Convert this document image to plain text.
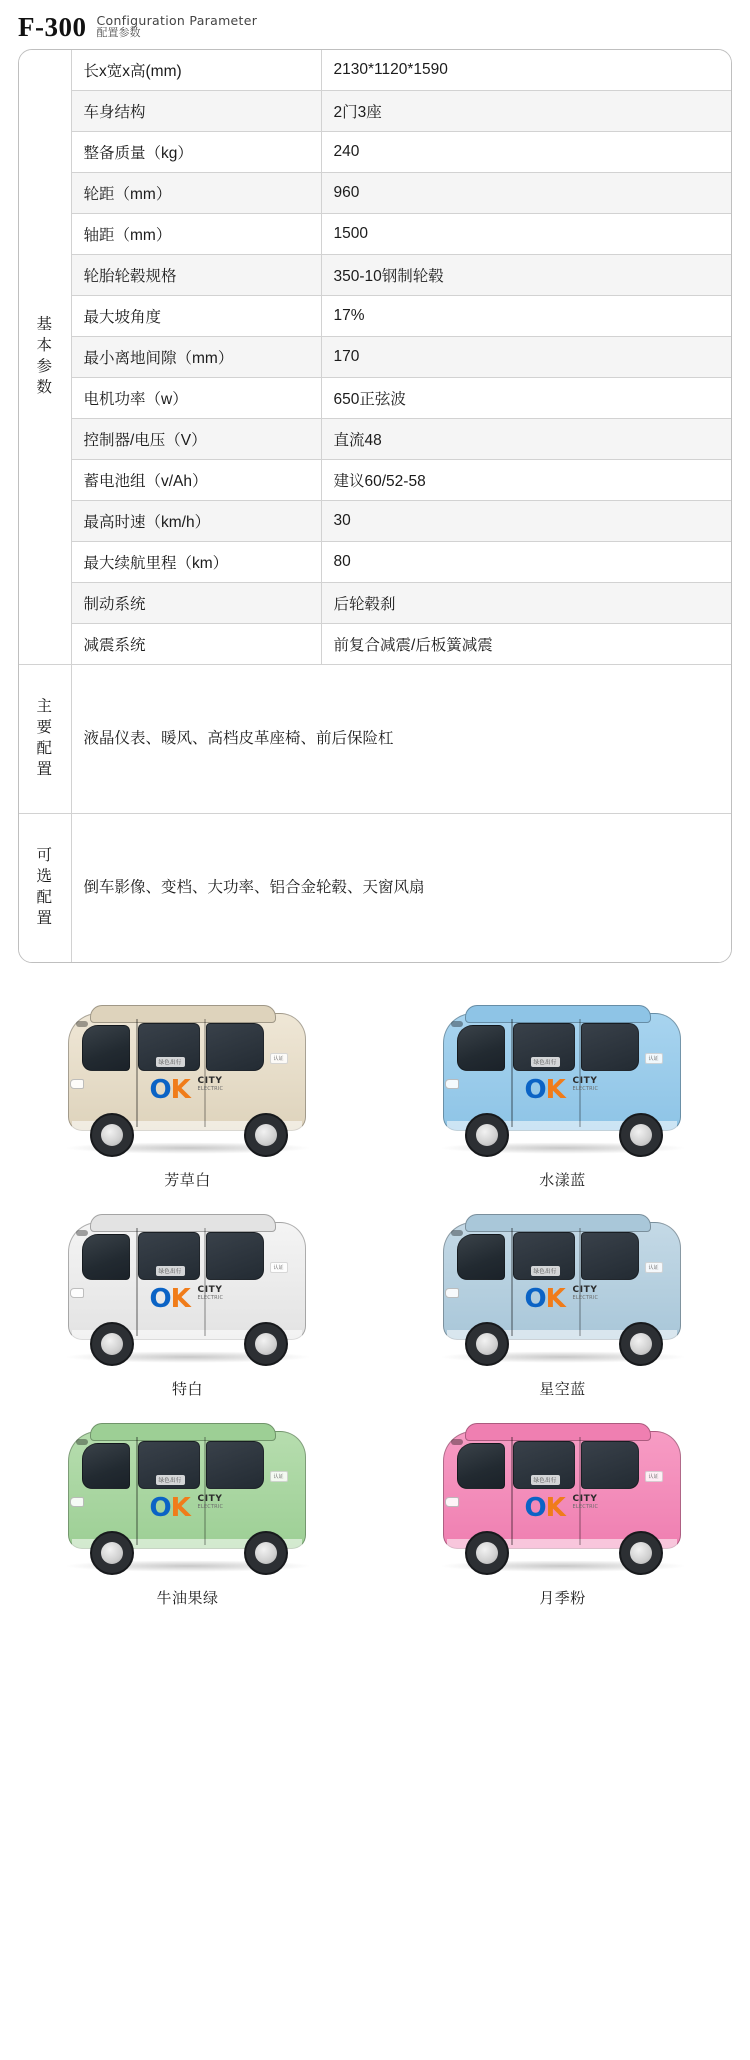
F-300 Configuration Parameter
配置参数
基本参数	长x宽x高(mm)	2130*1120*1590
	车身结构	2门3座
	整备质量（kg）	240
	轮距（mm）	960
	轴距（mm）	1500
	轮胎轮毂规格	350-10钢制轮毂
	最大坡角度	17%
	最小离地间隙（mm）	170
	电机功率（w）	650正弦波
	控制器/电压（V）	直流48
	蓄电池组（v/Ah）	建议60/52-58
	最高时速（km/h）	30
	最大续航里程（km）	80
	制动系统	后轮毂刹
	减震系统	前复合减震/后板簧减震
主要配置	液晶仪表、暖风、高档皮革座椅、前后保险杠	

可选配置	倒车影像、变档、大功率、铝合金轮毂、天窗风扇	
绿色出行
认证
OK CITY
ELECTRIC
芳草白
绿色出行
认证
OK CITY
ELECTRIC
水漾蓝
绿色出行
认证
OK CITY
ELECTRIC
特白
绿色出行
认证
OK CITY
ELECTRIC
星空蓝
绿色出行
认证
OK CITY
ELECTRIC
牛油果绿
绿色出行
认证
OK CITY
ELECTRIC
月季粉
